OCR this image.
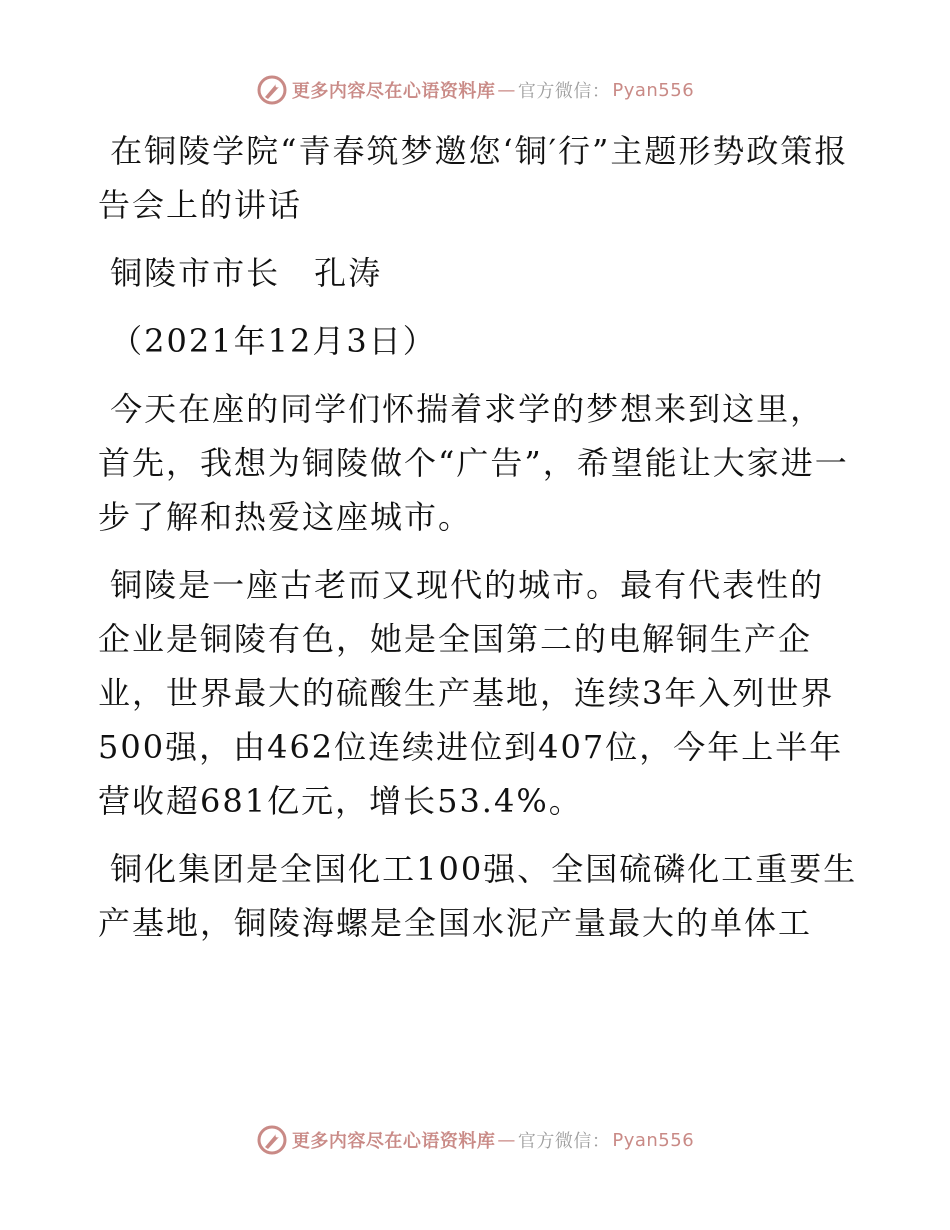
更多内容尽在心语资料库 — 官方微信： Pyan556

在铜陵学院“青春筑梦邀您‘铜′行”主题形势政策报告会上的讲话

铜陵市市长　孔涛

（2021年12月3日）

今天在座的同学们怀揣着求学的梦想来到这里，首先，我想为铜陵做个“广告”，希望能让大家进一步了解和热爱这座城市。

铜陵是一座古老而又现代的城市。最有代表性的企业是铜陵有色，她是全国第二的电解铜生产企业，世界最大的硫酸生产基地，连续3年入列世界500强，由462位连续进位到407位，今年上半年营收超681亿元，增长53.4%。

铜化集团是全国化工100强、全国硫磷化工重要生产基地，铜陵海螺是全国水泥产量最大的单体工

更多内容尽在心语资料库 — 官方微信： Pyan556
